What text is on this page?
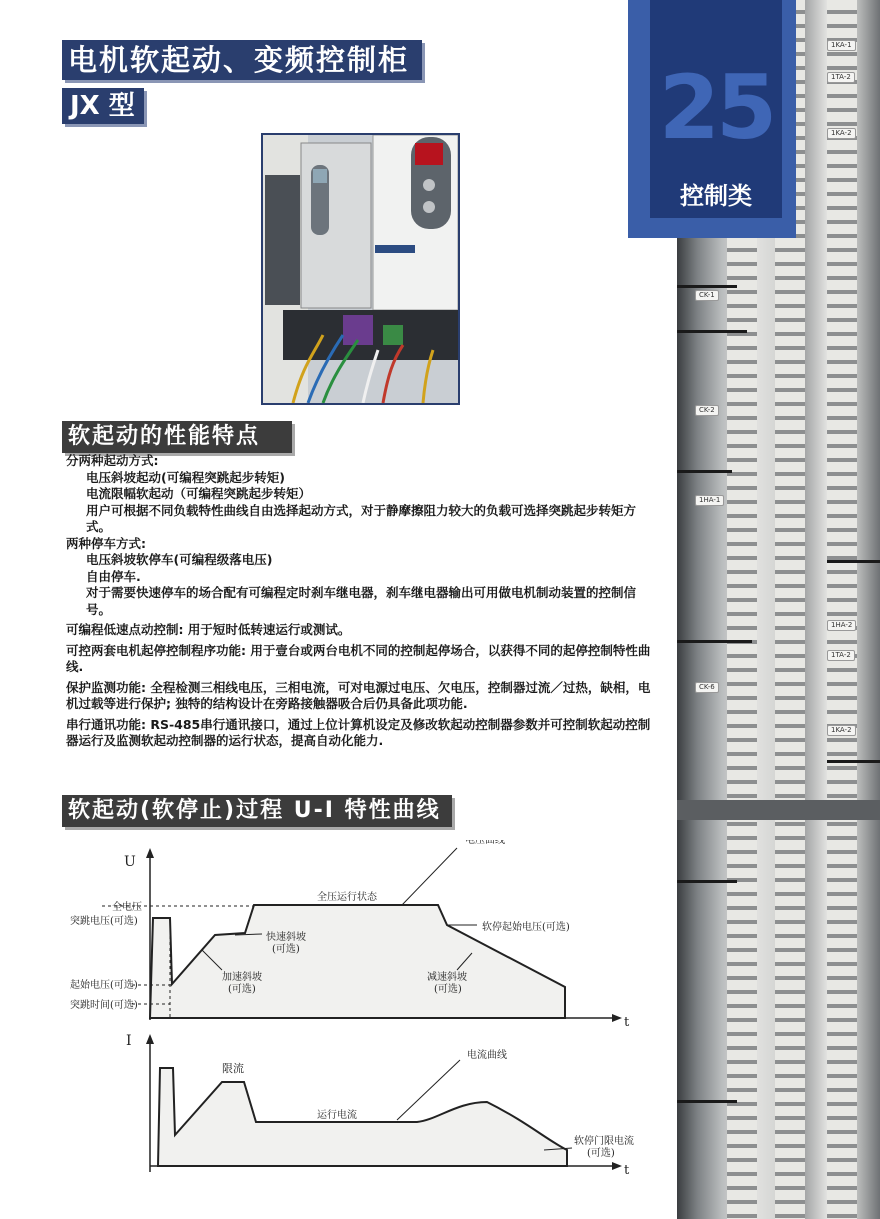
1KA-1
1TA-2
1KA-2
CK-1
CK-2
1HA-1
1HA-2
1TA-2
CK-6
1KA-2
25
控制类
电机软起动、变频控制柜
JX 型
软起动的性能特点

分两种起动方式:

电压斜坡起动(可编程突跳起步转矩)

电流限幅软起动（可编程突跳起步转矩）

用户可根据不同负载特性曲线自由选择起动方式，对于静摩擦阻力较大的负载可选择突跳起步转矩方式。

两种停车方式:

电压斜坡软停车(可编程级落电压)

自由停车.

对于需要快速停车的场合配有可编程定时刹车继电器，刹车继电器输出可用做电机制动装置的控制信号。

可编程低速点动控制: 用于短时低转速运行或测试。

可控两套电机起停控制程序功能: 用于壹台或两台电机不同的控制起停场合，以获得不同的起停控制特性曲线.

保护监测功能: 全程检测三相线电压，三相电流，可对电源过电压、欠电压，控制器过流／过热，缺相，电机过载等进行保护; 独特的结构设计在旁路接触器吸合后仍具备此项功能.

串行通讯功能: RS-485串行通讯接口，通过上位计算机设定及修改软起动控制器参数并可控制软起动控制器运行及监测软起动控制器的运行状态，提高自动化能力.

软起动(软停止)过程 U-I 特性曲线
U
t
全电压
突跳电压(可选)
起始电压(可选)
突跳时间(可选)
电压曲线
全压运行状态
快速斜坡
(可选)
加速斜坡
(可选)
软停起始电压(可选)
减速斜坡
(可选)
I
t
限流
电流曲线
运行电流
软停门限电流
(可选)
